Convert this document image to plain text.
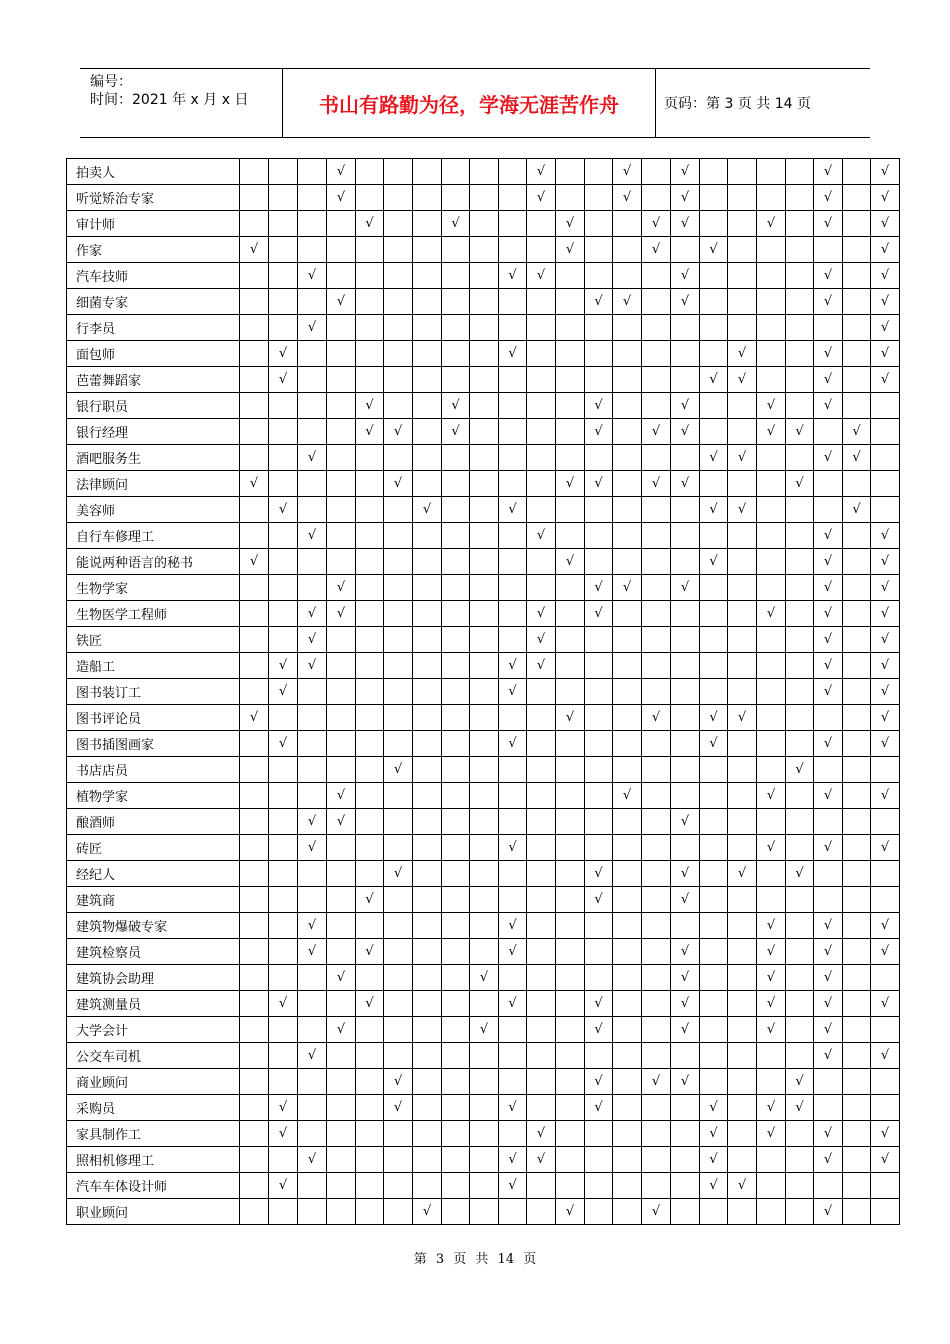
编号：
时间：2021 年 x 月 x 日	书山有路勤为径，学海无涯苦作舟	页码：第 3 页 共 14 页
拍卖人				√							√			√		√					√		√
听觉矫治专家				√							√			√		√					√		√
审计师					√			√				√			√	√			√		√		√
作家	√											√			√		√						√
汽车技师			√							√	√					√					√		√
细菌专家				√									√	√		√					√		√
行李员			√																				√
面包师		√								√								√			√		√
芭蕾舞蹈家		√															√	√			√		√
银行职员					√			√					√			√			√		√		
银行经理					√	√		√					√		√	√			√	√		√	
酒吧服务生			√														√	√			√	√	
法律顾问	√					√						√	√		√	√				√			
美容师		√					√			√							√	√				√	
自行车修理工			√								√										√		√
能说两种语言的秘书	√											√					√				√		√
生物学家				√									√	√		√					√		√
生物医学工程师			√	√							√		√						√		√		√
铁匠			√								√										√		√
造船工		√	√							√	√										√		√
图书装订工		√								√											√		√
图书评论员	√											√			√		√	√					√
图书插图画家		√								√							√				√		√
书店店员						√														√			
植物学家				√										√					√		√		√
酿酒师			√	√												√							
砖匠			√							√									√		√		√
经纪人						√							√			√		√		√			
建筑商					√								√			√							
建筑物爆破专家			√							√									√		√		√
建筑检察员			√		√					√						√			√		√		√
建筑协会助理				√					√							√			√		√		
建筑测量员		√			√					√			√			√			√		√		√
大学会计				√					√				√			√			√		√		
公交车司机			√																		√		√
商业顾问						√							√		√	√				√			
采购员		√				√				√			√				√		√	√			
家具制作工		√									√						√		√		√		√
照相机修理工			√							√	√						√				√		√
汽车车体设计师		√								√							√	√					
职业顾问							√					√			√						√		
第 3 页 共 14 页
